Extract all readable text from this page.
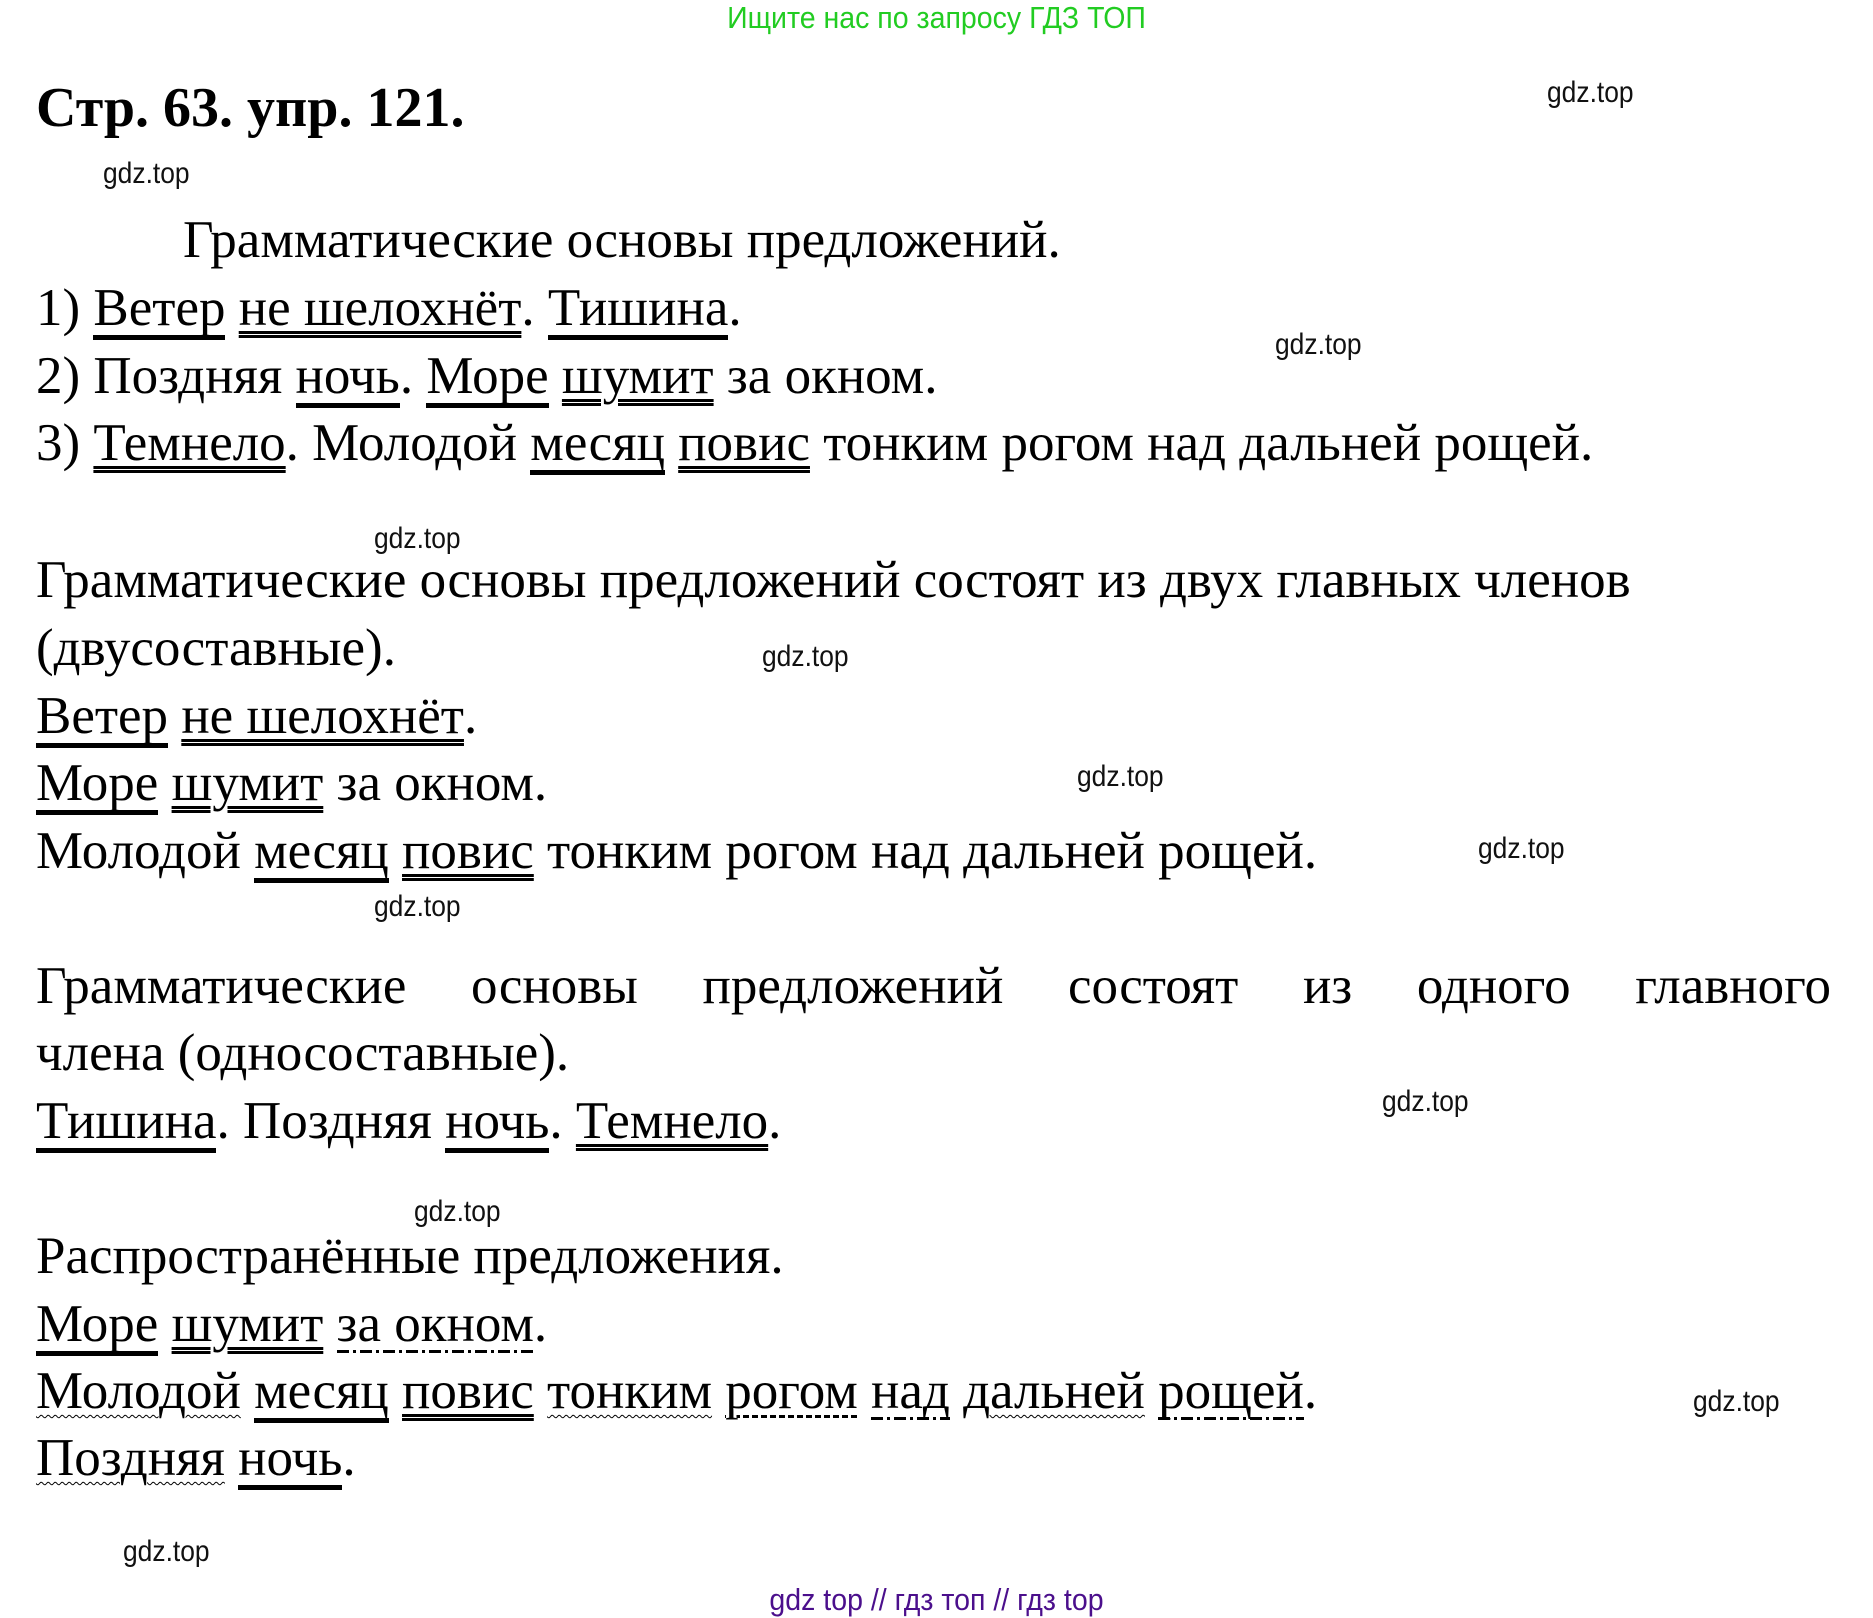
Ищите нас по запросу ГДЗ ТОП
Стр. 63. упр. 121.	gdz.top
gdz.top
gdz.top
gdz.top
gdz.top
gdz.top
gdz.top
gdz.top
gdz.top
gdz.top
gdz.top
gdz.top
Грамматические основы предложений.
1) Ветер не шелохнёт. Тишина.
2) Поздняя ночь. Море шумит за окном.
3) Темнело. Молодой месяц повис тонким рогом над дальней рощей.
Грамматические основы предложений состоят из двух главных членов
(двусоставные).
Ветер не шелохнёт.
Море шумит за окном.
Молодой месяц повис тонким рогом над дальней рощей.
Грамматические основы предложений состоят из одного главного
члена (односоставные).
Тишина. Поздняя ночь. Темнело.
Распространённые предложения.
Море шумит за окном.
Молодой месяц повис тонким рогом над дальней рощей.
Поздняя ночь.
gdz top // гдз топ // гдз top
